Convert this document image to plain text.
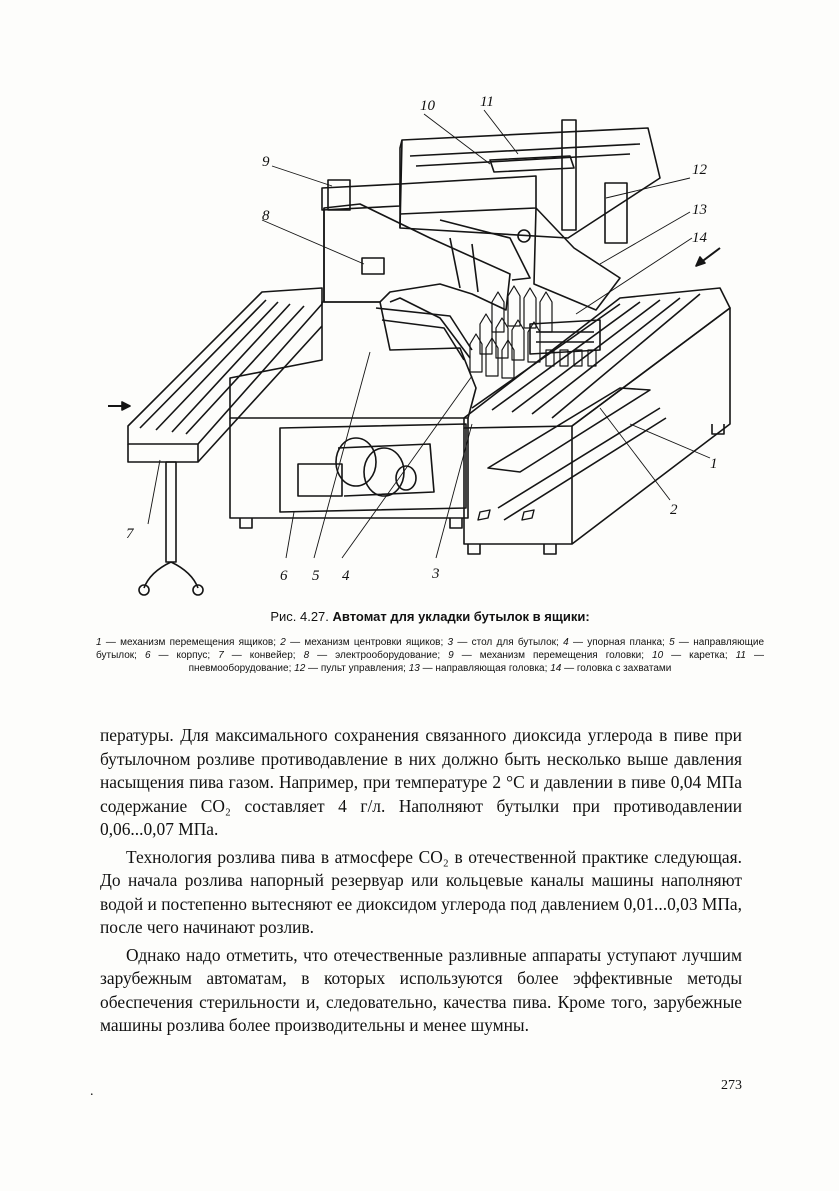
10	11
9
8
12
13
14
1
2
3
4
5
6
7
Рис. 4.27. Автомат для укладки бутылок в ящики:
1 — механизм перемещения ящиков; 2 — механизм центровки ящиков; 3 — стол для бутылок; 4 — упорная планка; 5 — направляющие бутылок; 6 — корпус; 7 — конвейер; 8 — электрооборудование; 9 — механизм перемещения головки; 10 — каретка; 11 — пневмооборудование; 12 — пульт управления; 13 — направляющая головка; 14 — головка с захватами

пературы. Для максимального сохранения связанного диоксида углерода в пиве при бутылочном розливе противодавление в них должно быть несколько выше давления насыщения пива газом. Например, при температуре 2 °С и давлении в пиве 0,04 МПа содержание СО₂ составляет 4 г/л. Наполняют бутылки при противодавлении 0,06...0,07 МПа.

Технология розлива пива в атмосфере СО₂ в отечественной практике следующая. До начала розлива напорный резервуар или кольцевые каналы машины наполняют водой и постепенно вытесняют ее диоксидом углерода под давлением 0,01...0,03 МПа, после чего начинают розлив.

Однако надо отметить, что отечественные разливные аппараты уступают лучшим зарубежным автоматам, в которых используются более эффективные методы обеспечения стерильности и, следовательно, качества пива. Кроме того, зарубежные машины розлива более производительны и менее шумны.

.	273
